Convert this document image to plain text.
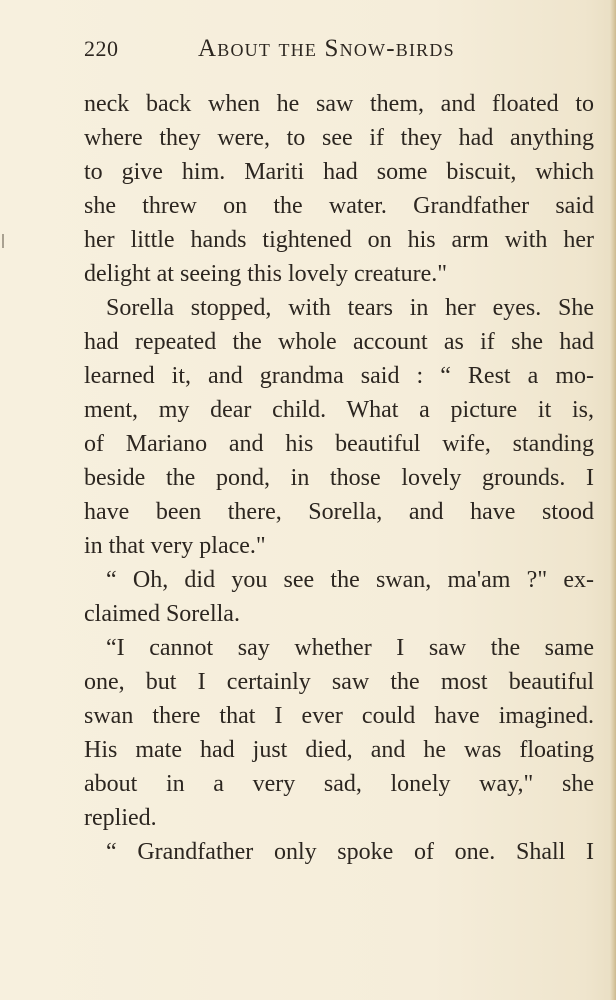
220	About the Snow-birds
neck back when he saw them, and floated to
where they were, to see if they had anything
to give him. Mariti had some biscuit, which
she threw on the water. Grandfather said
her little hands tightened on his arm with her
delight at seeing this lovely creature."
Sorella stopped, with tears in her eyes. She
had repeated the whole account as if she had
learned it, and grandma said : “ Rest a mo-
ment, my dear child. What a picture it is,
of Mariano and his beautiful wife, standing
beside the pond, in those lovely grounds. I
have been there, Sorella, and have stood
in that very place."
“ Oh, did you see the swan, ma'am ?" ex-
claimed Sorella.
“I cannot say whether I saw the same
one, but I certainly saw the most beautiful
swan there that I ever could have imagined.
His mate had just died, and he was floating
about in a very sad, lonely way," she
replied.
“ Grandfather only spoke of one. Shall I
